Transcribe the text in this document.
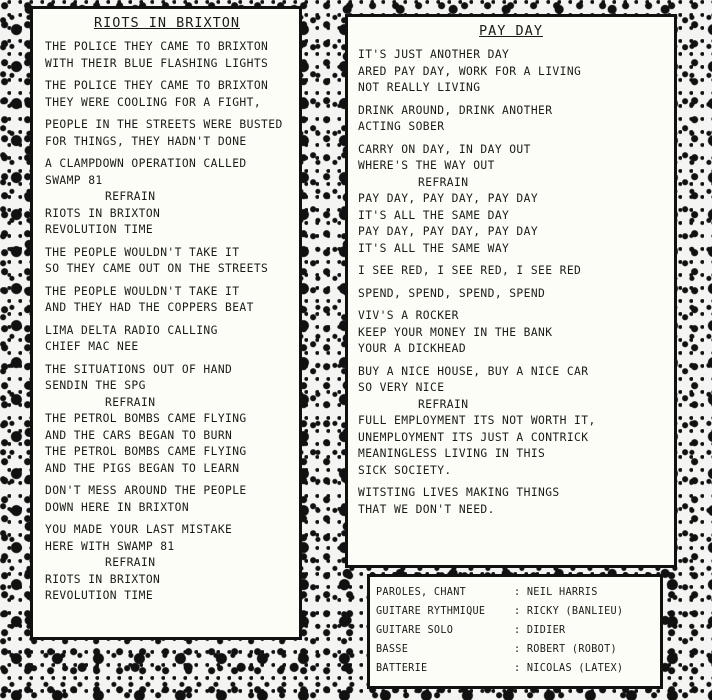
RIOTS IN BRIXTON
THE POLICE THEY CAME TO BRIXTON
WITH THEIR BLUE FLASHING LIGHTS
THE POLICE THEY CAME TO BRIXTON
THEY WERE COOLING FOR A FIGHT,
PEOPLE IN THE STREETS WERE BUSTED
FOR THINGS, THEY HADN'T DONE
A CLAMPDOWN OPERATION CALLED
SWAMP 81
REFRAIN
RIOTS IN BRIXTON
REVOLUTION TIME
THE PEOPLE WOULDN'T TAKE IT
SO THEY CAME OUT ON THE STREETS
THE PEOPLE WOULDN'T TAKE IT
AND THEY HAD THE COPPERS BEAT
LIMA DELTA RADIO CALLING
CHIEF MAC NEE
THE SITUATIONS OUT OF HAND
SENDIN THE SPG
REFRAIN
THE PETROL BOMBS CAME FLYING
AND THE CARS BEGAN TO BURN
THE PETROL BOMBS CAME FLYING
AND THE PIGS BEGAN TO LEARN
DON'T MESS AROUND THE PEOPLE
DOWN HERE IN BRIXTON
YOU MADE YOUR LAST MISTAKE
HERE WITH SWAMP 81
REFRAIN
RIOTS IN BRIXTON
REVOLUTION TIME
PAY DAY
IT'S JUST ANOTHER DAY
ARED PAY DAY, WORK FOR A LIVING
NOT REALLY LIVING
DRINK AROUND, DRINK ANOTHER
ACTING SOBER
CARRY ON DAY, IN DAY OUT
WHERE'S THE WAY OUT
REFRAIN
PAY DAY, PAY DAY, PAY DAY
IT'S ALL THE SAME DAY
PAY DAY, PAY DAY, PAY DAY
IT'S ALL THE SAME WAY
I SEE RED, I SEE RED, I SEE RED
SPEND, SPEND, SPEND, SPEND
VIV'S A ROCKER
KEEP YOUR MONEY IN THE BANK
YOUR A DICKHEAD
BUY A NICE HOUSE, BUY A NICE CAR
SO VERY NICE
REFRAIN
FULL EMPLOYMENT ITS NOT WORTH IT,
UNEMPLOYMENT ITS JUST A CONTRICK
MEANINGLESS LIVING IN THIS
SICK SOCIETY.
WITSTING LIVES MAKING THINGS
THAT WE DON'T NEED.
PAROLES, CHANT	: NEIL HARRIS
GUITARE RYTHMIQUE	: RICKY (BANLIEU)
GUITARE SOLO	: DIDIER
BASSE	: ROBERT (ROBOT)
BATTERIE	: NICOLAS (LATEX)
